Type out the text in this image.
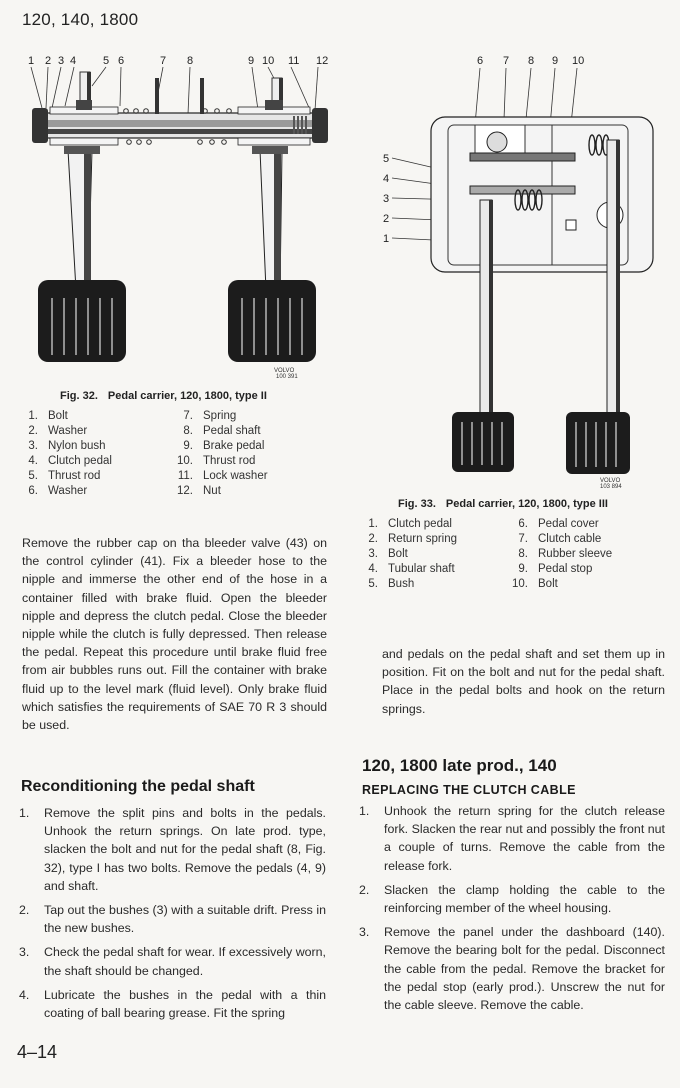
120, 140, 1800
1 2 3 4 5 6	7 8	9 10 11 12
VOLVO
100 391
Fig. 32. Pedal carrier, 120, 1800, type II
1. Bolt
2. Washer
3. Nylon bush
4. Clutch pedal
5. Thrust rod
6. Washer
7. Spring
8. Pedal shaft
9. Brake pedal
10. Thrust rod
11. Lock washer
12. Nut
6 7 8 9 10
5
4
3
2
1
VOLVO
103 894
Fig. 33. Pedal carrier, 120, 1800, type III
1. Clutch pedal
2. Return spring
3. Bolt
4. Tubular shaft
5. Bush
6. Pedal cover
7. Clutch cable
8. Rubber sleeve
9. Pedal stop
10. Bolt
Remove the rubber cap on tha bleeder valve (43) on the control cylinder (41). Fix a bleeder hose to the nipple and immerse the other end of the hose in a container filled with brake fluid. Open the bleeder nipple and depress the clutch pedal. Close the bleeder nipple while the clutch is fully depressed. Then release the pedal. Repeat this procedure until brake fluid free from air bubbles runs out. Fill the container with brake fluid up to the level mark (fluid level). Only brake fluid which satisfies the requirements of SAE 70 R 3 should be used.
Reconditioning the pedal shaft
1. Remove the split pins and bolts in the pedals. Unhook the return springs. On late prod. type, slacken the bolt and nut for the pedal shaft (8, Fig. 32), type I has two bolts. Remove the pedals (4, 9) and shaft.
2. Tap out the bushes (3) with a suitable drift. Press in the new bushes.
3. Check the pedal shaft for wear. If excessively worn, the shaft should be changed.
4. Lubricate the bushes in the pedal with a thin coating of ball bearing grease. Fit the spring
and pedals on the pedal shaft and set them up in position. Fit on the bolt and nut for the pedal shaft. Place in the pedal bolts and hook on the return springs.
120, 1800 late prod., 140
REPLACING THE CLUTCH CABLE
1. Unhook the return spring for the clutch release fork. Slacken the rear nut and possibly the front nut a couple of turns. Remove the cable from the release fork.
2. Slacken the clamp holding the cable to the reinforcing member of the wheel housing.
3. Remove the panel under the dashboard (140). Remove the bearing bolt for the pedal. Disconnect the cable from the pedal. Remove the bracket for the pedal stop (early prod.). Unscrew the nut for the cable sleeve. Remove the cable.
4–14
